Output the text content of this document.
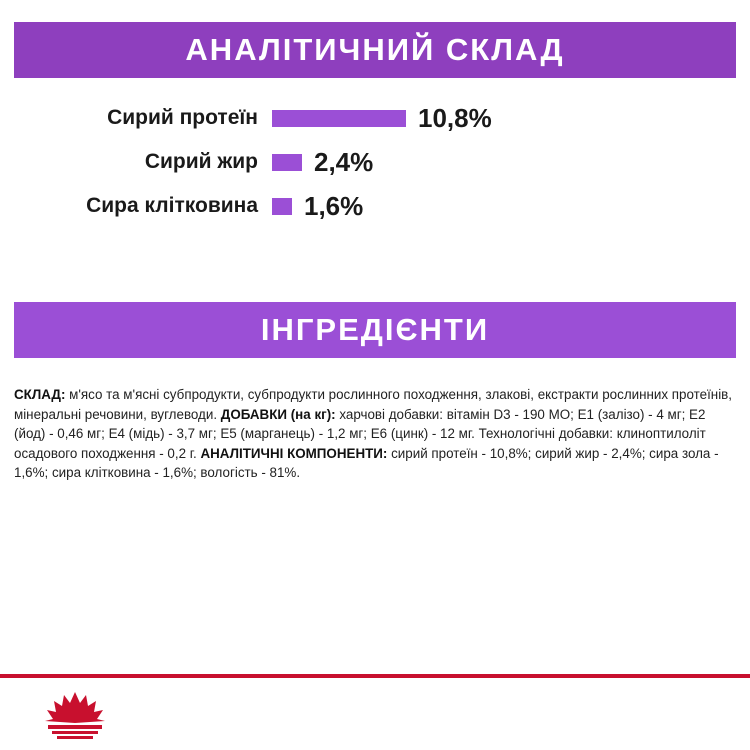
АНАЛІТИЧНИЙ СКЛАД
Сирий протеїн	10,8%
Сирий жир	2,4%
Сира клітковина	1,6%
ІНГРЕДІЄНТИ

СКЛАД: м'ясо та м'ясні субпродукти, субпродукти рослинного походження, злакові, екстракти рослинних протеїнів, мінеральні речовини, вуглеводи. ДОБАВКИ (на кг): харчові добавки: вітамін D3 - 190 МО; Е1 (залізо) - 4 мг; Е2 (йод) - 0,46 мг; Е4 (мідь) - 3,7 мг; Е5 (марганець) - 1,2 мг; Е6 (цинк) - 12 мг. Технологічні добавки: клиноптилоліт осадового походження - 0,2 г. АНАЛІТИЧНІ КОМПОНЕНТИ: сирий протеїн - 10,8%; сирий жир - 2,4%; сира зола - 1,6%; сира клітковина - 1,6%; вологість - 81%.
